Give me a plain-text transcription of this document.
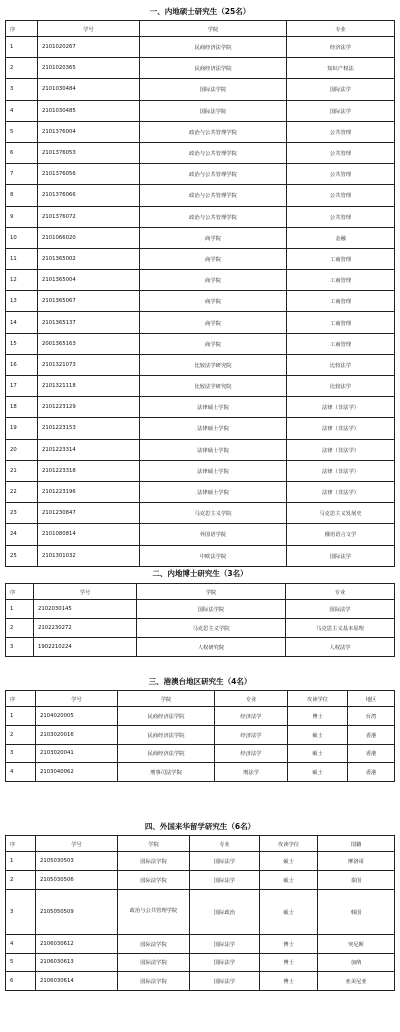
一、内地硕士研究生（25名）
序	学号	学院	专业
1	2101020267	民商经济法学院	经济法学
2	2101020365	民商经济法学院	知识产权法
3	2101030484	国际法学院	国际法学
4	2101030485	国际法学院	国际法学
5	2101376004	政治与公共管理学院	公共管理
6	2101376053	政治与公共管理学院	公共管理
7	2101376056	政治与公共管理学院	公共管理
8	2101376066	政治与公共管理学院	公共管理
9	2101376072	政治与公共管理学院	公共管理
10	2101066020	商学院	金融
11	2101365002	商学院	工商管理
12	2101365004	商学院	工商管理
13	2101365067	商学院	工商管理
14	2101365137	商学院	工商管理
15	2001365163	商学院	工商管理
16	2101321073	比较法学研究院	比较法学
17	2101321118	比较法学研究院	比较法学
18	2101223129	法律硕士学院	法律（非法学）
19	2101223153	法律硕士学院	法律（非法学）
20	2101223314	法律硕士学院	法律（非法学）
21	2101223318	法律硕士学院	法律（非法学）
22	2101223196	法律硕士学院	法律（非法学）
23	2101230847	马克思主义学院	马克思主义发展史
24	2101080814	外国语学院	俄语语言文学
25	2101301032	中欧法学院	国际法学
二、内地博士研究生（3名）
序	学号	学院	专业
1	2102030145	国际法学院	国际法学
2	2102230272	马克思主义学院	马克思主义基本原理
3	1902210224	人权研究院	人权法学
三、港澳台地区研究生（4名）
序	学号	学院	专业	攻读学位	地区
1	2104020005	民商经济法学院	经济法学	博士	台湾
2	2103020016	民商经济法学院	经济法学	硕士	香港
3	2103020041	民商经济法学院	经济法学	硕士	香港
4	2103040062	刑事司法学院	刑法学	硕士	香港
四、外国来华留学研究生（6名）
序	学号	学院	专业	攻读学位	国籍
1	2105030503	国际法学院	国际法学	硕士	摩洛哥
2	2105030506	国际法学院	国际法学	硕士	泰国
3	2105050509	政治与公共管理学院	国际政治	硕士	韩国
4	2106030612	国际法学院	国际法学	博士	突尼斯
5	2106030613	国际法学院	国际法学	博士	加纳
6	2106030614	国际法学院	国际法学	博士	亚美尼亚
